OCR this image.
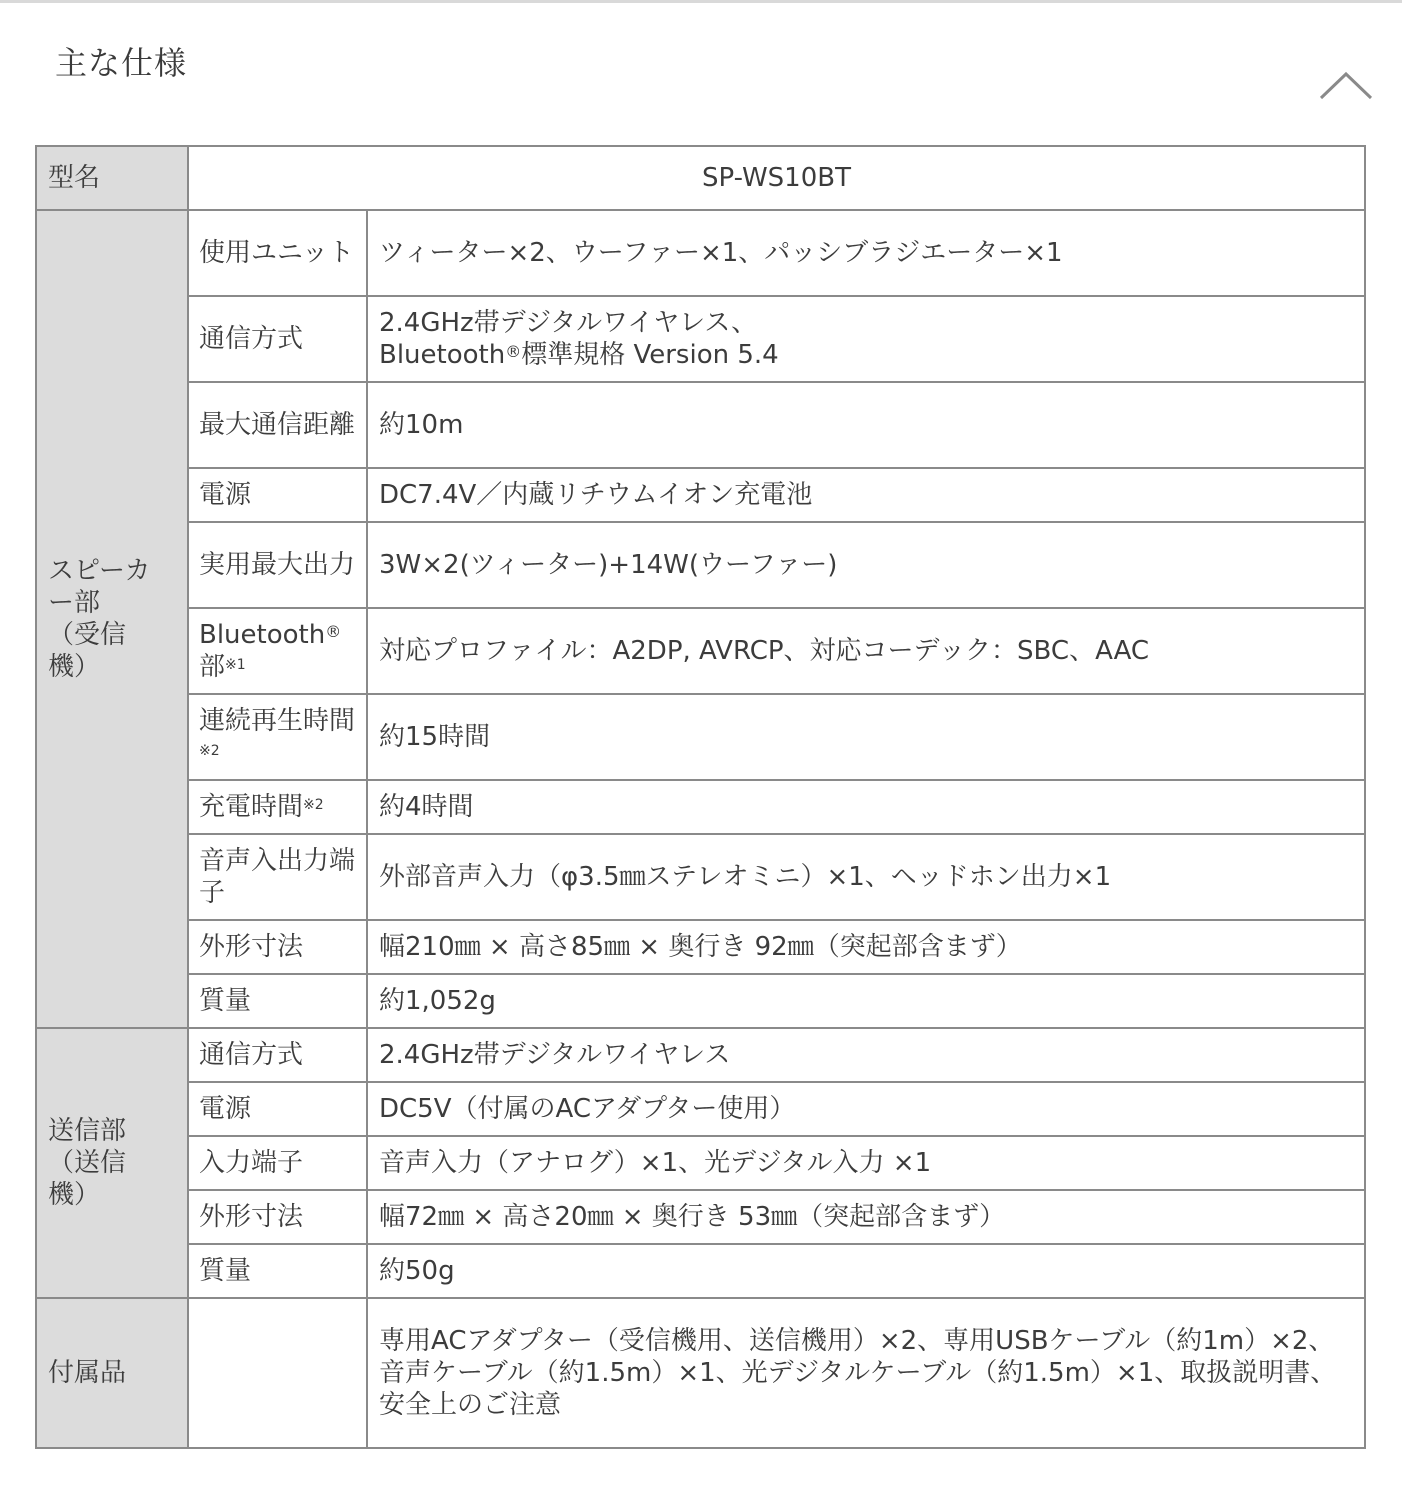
主な仕様
型名	SP-WS10BT	
スピーカ
ー部
（受信
機）	使用ユニット	ツィーター×2、ウーファー×1、パッシブラジエーター×1
	通信方式	2.4GHz帯デジタルワイヤレス、
Bluetooth®標準規格 Version 5.4
	最大通信距離	約10m
	電源	DC7.4V／内蔵リチウムイオン充電池
	実用最大出力	3W×2(ツィーター)+14W(ウーファー)
	Bluetooth®
部$^{※1}$	対応プロファイル：A2DP, AVRCP、対応コーデック：SBC、AAC
	連続再生時間$^{※2}$	約15時間
	充電時間$^{※2}$	約4時間
	音声入出力端子	外部音声入力（φ3.5㎜ステレオミニ）×1、ヘッドホン出力×1
	外形寸法	幅210㎜ × 高さ85㎜ × 奥行き 92㎜（突起部含まず）
	質量	約1,052g
送信部
（送信
機）	通信方式	2.4GHz帯デジタルワイヤレス
	電源	DC5V（付属のACアダプター使用）
	入力端子	音声入力（アナログ）×1、光デジタル入力 ×1
	外形寸法	幅72㎜ × 高さ20㎜ × 奥行き 53㎜（突起部含まず）
	質量	約50g
付属品		専用ACアダプター（受信機用、送信機用）×2、専用USBケーブル（約1m）×2、
音声ケーブル（約1.5m）×1、光デジタルケーブル（約1.5m）×1、取扱説明書、安全上のご注意
